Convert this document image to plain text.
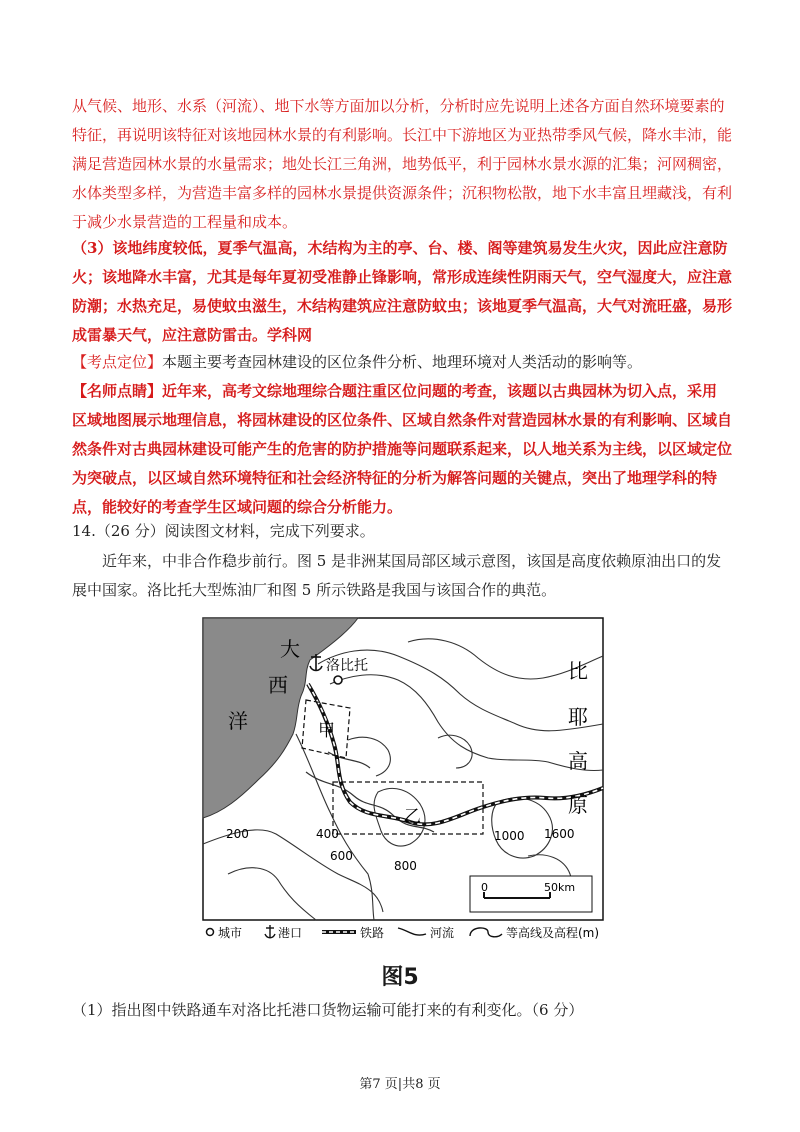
从气候、地形、水系（河流）、地下水等方面加以分析，分析时应先说明上述各方面自然环境要素的特征，再说明该特征对该地园林水景的有利影响。长江中下游地区为亚热带季风气候，降水丰沛，能满足营造园林水景的水量需求；地处长江三角洲，地势低平，利于园林水景水源的汇集；河网稠密，水体类型多样，为营造丰富多样的园林水景提供资源条件；沉积物松散，地下水丰富且埋藏浅，有利于减少水景营造的工程量和成本。

（3）该地纬度较低，夏季气温高，木结构为主的亭、台、楼、阁等建筑易发生火灾，因此应注意防火；该地降水丰富，尤其是每年夏初受准静止锋影响，常形成连续性阴雨天气，空气湿度大，应注意防潮；水热充足，易使蚊虫滋生，木结构建筑应注意防蚊虫；该地夏季气温高，大气对流旺盛，易形成雷暴天气，应注意防雷击。学科网

【考点定位】本题主要考查园林建设的区位条件分析、地理环境对人类活动的影响等。

【名师点睛】近年来，高考文综地理综合题注重区位问题的考查，该题以古典园林为切入点，采用区域地图展示地理信息，将园林建设的区位条件、区域自然条件对营造园林水景的有利影响、区域自然条件对古典园林建设可能产生的危害的防护措施等问题联系起来，以人地关系为主线，以区域定位为突破点，以区域自然环境特征和社会经济特征的分析为解答问题的关键点，突出了地理学科的特点，能较好的考查学生区域问题的综合分析能力。

14.（26 分）阅读图文材料，完成下列要求。

近年来，中非合作稳步前行。图 5 是非洲某国局部区域示意图，该国是高度依赖原油出口的发展中国家。洛比托大型炼油厂和图 5 所示铁路是我国与该国合作的典范。

甲
乙
大
西
洋
比
耶
高
原
洛比托
200	400
600
800
1000 1600
0	50km
城市	港口	铁路	河流	等高线及高程(m)
图5

（1）指出图中铁路通车对洛比托港口货物运输可能打来的有利变化。（6 分）

第7 页|共8 页
